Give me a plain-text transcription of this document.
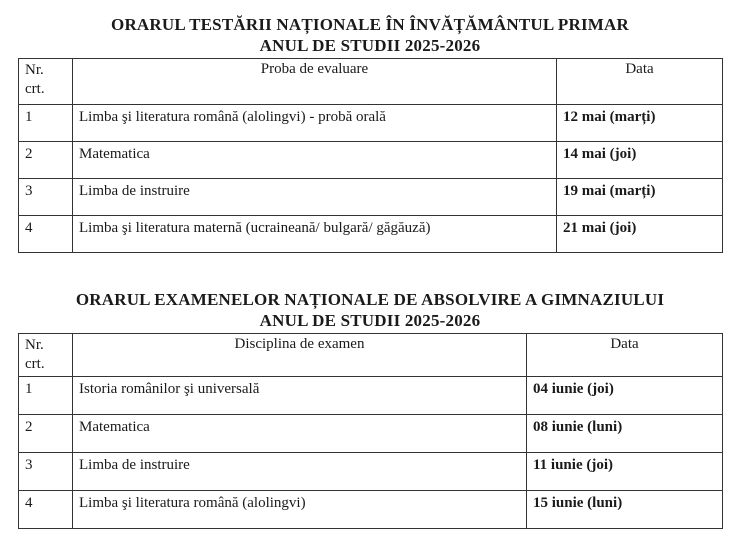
ORARUL TESTĂRII NAȚIONALE ÎN ÎNVĂȚĂMÂNTUL PRIMAR
ANUL DE STUDII 2025-2026
Nr.
crt.	Proba de evaluare	Data
1	Limba şi literatura română (alolingvi) - probă orală	12 mai (marți)
2	Matematica	14 mai (joi)
3	Limba de instruire	19 mai (marți)
4	Limba şi literatura maternă (ucraineană/ bulgară/ găgăuză)	21 mai (joi)
ORARUL EXAMENELOR NAȚIONALE DE ABSOLVIRE A GIMNAZIULUI
ANUL DE STUDII 2025-2026
Nr.
crt.	Disciplina de examen	Data
1	Istoria românilor şi universală	04 iunie (joi)
2	Matematica	08 iunie (luni)
3	Limba de instruire	11 iunie (joi)
4	Limba şi literatura română (alolingvi)	15 iunie (luni)
